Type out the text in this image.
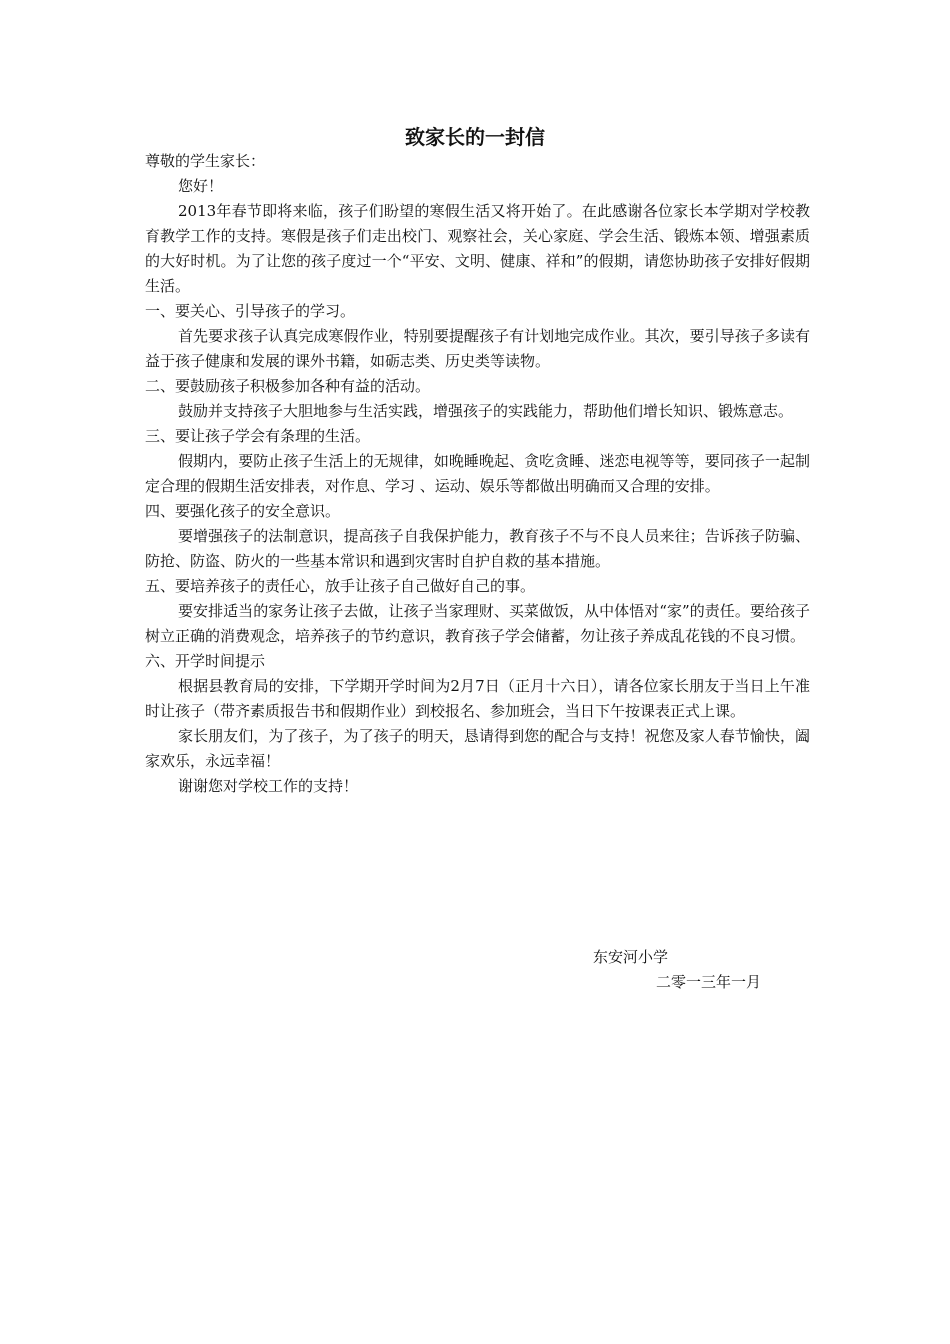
致家长的一封信

尊敬的学生家长：

您好！

2013年春节即将来临，孩子们盼望的寒假生活又将开始了。在此感谢各位家长本学期对学校教育教学工作的支持。寒假是孩子们走出校门、观察社会，关心家庭、学会生活、锻炼本领、增强素质的大好时机。为了让您的孩子度过一个“平安、文明、健康、祥和”的假期，请您协助孩子安排好假期生活。

一、要关心、引导孩子的学习。

首先要求孩子认真完成寒假作业，特别要提醒孩子有计划地完成作业。其次，要引导孩子多读有益于孩子健康和发展的课外书籍，如砺志类、历史类等读物。

二、要鼓励孩子积极参加各种有益的活动。

鼓励并支持孩子大胆地参与生活实践，增强孩子的实践能力，帮助他们增长知识、锻炼意志。

三、要让孩子学会有条理的生活。

假期内，要防止孩子生活上的无规律，如晚睡晚起、贪吃贪睡、迷恋电视等等，要同孩子一起制定合理的假期生活安排表，对作息、学习 、运动、娱乐等都做出明确而又合理的安排。

四、要强化孩子的安全意识。

要增强孩子的法制意识，提高孩子自我保护能力，教育孩子不与不良人员来往；告诉孩子防骗、防抢、防盗、防火的一些基本常识和遇到灾害时自护自救的基本措施。

五、要培养孩子的责任心，放手让孩子自己做好自己的事。

要安排适当的家务让孩子去做，让孩子当家理财、买菜做饭，从中体悟对“家”的责任。要给孩子树立正确的消费观念，培养孩子的节约意识，教育孩子学会储蓄，勿让孩子养成乱花钱的不良习惯。

六、开学时间提示

根据县教育局的安排，下学期开学时间为2月7日（正月十六日），请各位家长朋友于当日上午准时让孩子（带齐素质报告书和假期作业）到校报名、参加班会，当日下午按课表正式上课。

家长朋友们，为了孩子，为了孩子的明天，恳请得到您的配合与支持！祝您及家人春节愉快，阖家欢乐，永远幸福！

谢谢您对学校工作的支持！

东安河小学
二零一三年一月
